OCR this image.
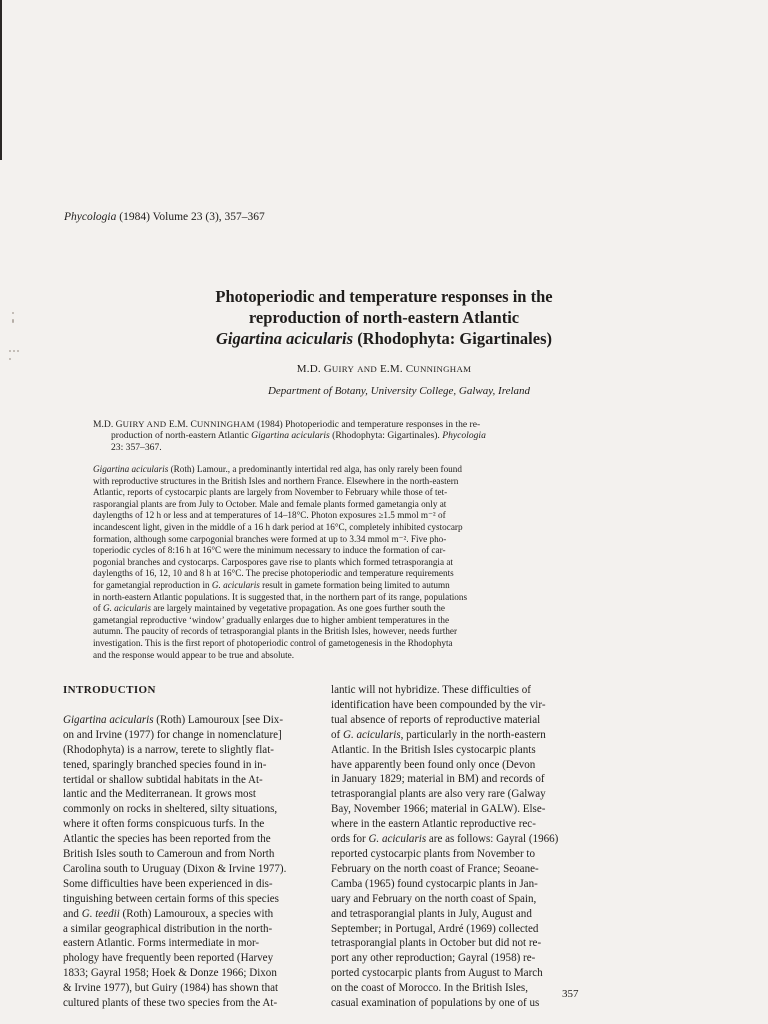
Phycologia (1984) Volume 23 (3), 357–367
Photoperiodic and temperature responses in the
reproduction of north-eastern Atlantic
Gigartina acicularis (Rhodophyta: Gigartinales)
M.D. GUIRY AND E.M. CUNNINGHAM
Department of Botany, University College, Galway, Ireland
M.D. GUIRY AND E.M. CUNNINGHAM (1984) Photoperiodic and temperature responses in the re-
production of north-eastern Atlantic Gigartina acicularis (Rhodophyta: Gigartinales). Phycologia
23: 357–367.
Gigartina acicularis (Roth) Lamour., a predominantly intertidal red alga, has only rarely been found
with reproductive structures in the British Isles and northern France. Elsewhere in the north-eastern
Atlantic, reports of cystocarpic plants are largely from November to February while those of tet-
rasporangial plants are from July to October. Male and female plants formed gametangia only at
daylengths of 12 h or less and at temperatures of 14–18°C. Photon exposures ≥1.5 mmol m⁻² of
incandescent light, given in the middle of a 16 h dark period at 16°C, completely inhibited cystocarp
formation, although some carpogonial branches were formed at up to 3.34 mmol m⁻². Five pho-
toperiodic cycles of 8:16 h at 16°C were the minimum necessary to induce the formation of car-
pogonial branches and cystocarps. Carpospores gave rise to plants which formed tetrasporangia at
daylengths of 16, 12, 10 and 8 h at 16°C. The precise photoperiodic and temperature requirements
for gametangial reproduction in G. acicularis result in gamete formation being limited to autumn
in north-eastern Atlantic populations. It is suggested that, in the northern part of its range, populations
of G. acicularis are largely maintained by vegetative propagation. As one goes further south the
gametangial reproductive ‘window’ gradually enlarges due to higher ambient temperatures in the
autumn. The paucity of records of tetrasporangial plants in the British Isles, however, needs further
investigation. This is the first report of photoperiodic control of gametogenesis in the Rhodophyta
and the response would appear to be true and absolute.
INTRODUCTION
Gigartina acicularis (Roth) Lamouroux [see Dix-
on and Irvine (1977) for change in nomenclature]
(Rhodophyta) is a narrow, terete to slightly flat-
tened, sparingly branched species found in in-
tertidal or shallow subtidal habitats in the At-
lantic and the Mediterranean. It grows most
commonly on rocks in sheltered, silty situations,
where it often forms conspicuous turfs. In the
Atlantic the species has been reported from the
British Isles south to Cameroun and from North
Carolina south to Uruguay (Dixon & Irvine 1977).
Some difficulties have been experienced in dis-
tinguishing between certain forms of this species
and G. teedii (Roth) Lamouroux, a species with
a similar geographical distribution in the north-
eastern Atlantic. Forms intermediate in mor-
phology have frequently been reported (Harvey
1833; Gayral 1958; Hoek & Donze 1966; Dixon
& Irvine 1977), but Guiry (1984) has shown that
cultured plants of these two species from the At-
lantic will not hybridize. These difficulties of
identification have been compounded by the vir-
tual absence of reports of reproductive material
of G. acicularis, particularly in the north-eastern
Atlantic. In the British Isles cystocarpic plants
have apparently been found only once (Devon
in January 1829; material in BM) and records of
tetrasporangial plants are also very rare (Galway
Bay, November 1966; material in GALW). Else-
where in the eastern Atlantic reproductive rec-
ords for G. acicularis are as follows: Gayral (1966)
reported cystocarpic plants from November to
February on the north coast of France; Seoane-
Camba (1965) found cystocarpic plants in Jan-
uary and February on the north coast of Spain,
and tetrasporangial plants in July, August and
September; in Portugal, Ardré (1969) collected
tetrasporangial plants in October but did not re-
port any other reproduction; Gayral (1958) re-
ported cystocarpic plants from August to March
on the coast of Morocco. In the British Isles,
casual examination of populations by one of us
357
